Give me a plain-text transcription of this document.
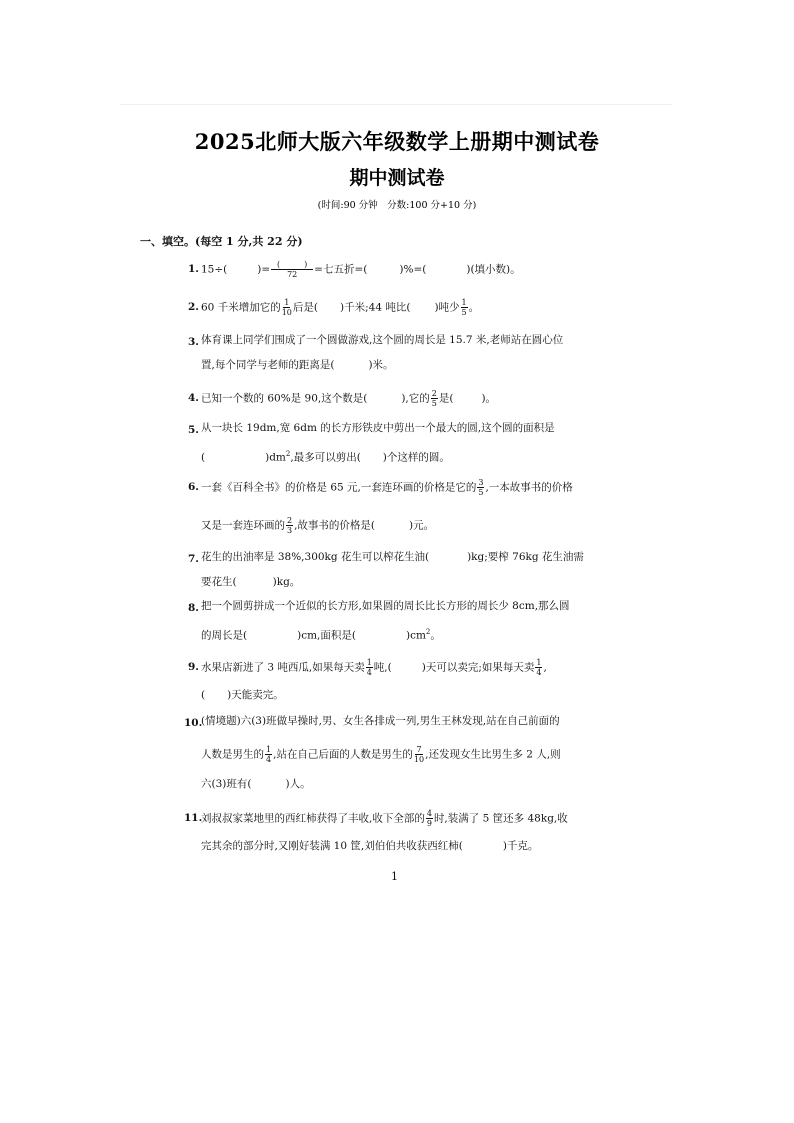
2025北师大版六年级数学上册期中测试卷
期中测试卷
(时间:90 分钟　分数:100 分+10 分)
一、填空。(每空 1 分,共 22 分)
1. 15÷(	)= $\frac{( )}{72}$ =七五折=(	)%=(	)(填小数)。
2. 60 千米增加它的 $\frac{1}{10}$ 后是( )千米;44 吨比( )吨少 $\frac{1}{5}$ 。
3. 体育课上同学们围成了一个圆做游戏,这个圆的周长是 15.7 米,老师站在圆心位
置,每个同学与老师的距离是(	)米。
4. 已知一个数的 60%是 90,这个数是(	),它的 $\frac{2}{5}$ 是(	)。
5. 从一块长 19dm,宽 6dm 的长方形铁皮中剪出一个最大的圆,这个圆的面积是
(	)$dm^2$,最多可以剪出( )个这样的圆。
6. 一套《百科全书》的价格是 65 元,一套连环画的价格是它的 $\frac{3}{5}$ ,一本故事书的价格
又是一套连环画的 $\frac{2}{3}$ ,故事书的价格是(	)元。
7. 花生的出油率是 38%,300kg 花生可以榨花生油(	)kg;要榨 76kg 花生油需
要花生(	)kg。
8. 把一个圆剪拼成一个近似的长方形,如果圆的周长比长方形的周长少 8cm,那么圆
的周长是(	)cm,面积是(	)$cm^2$。
9. 水果店新进了 3 吨西瓜,如果每天卖 $\frac{1}{4}$ 吨,(	)天可以卖完;如果每天卖 $\frac{1}{4}$ ,
( )天能卖完。
10.
(情境题)六(3)班做早操时,男、女生各排成一列,男生王林发现,站在自己前面的
人数是男生的 $\frac{1}{4}$ ,站在自己后面的人数是男生的 $\frac{7}{10}$ ,还发现女生比男生多 2 人,则
六(3)班有(	)人。
11.
刘叔叔家菜地里的西红柿获得了丰收,收下全部的 $\frac{4}{9}$ 时,装满了 5 筐还多 48kg,收
完其余的部分时,又刚好装满 10 筐,刘伯伯共收获西红柿(	)千克。
1
